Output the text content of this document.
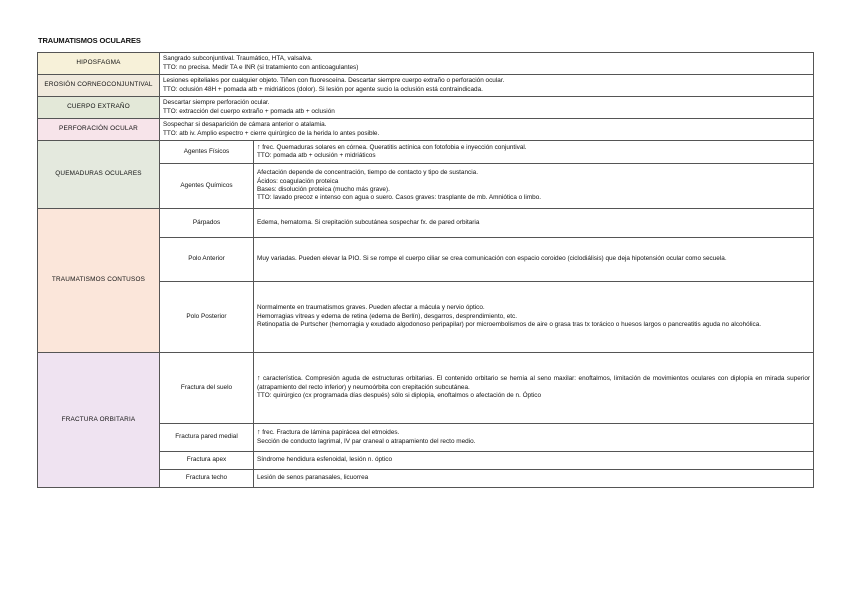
TRAUMATISMOS OCULARES
HIPOSFAGMA	Sangrado subconjuntival. Traumático, HTA, valsalva.
TTO: no precisa. Medir TA e INR (si tratamiento con anticoagulantes)	

EROSIÓN CORNEOCONJUNTIVAL	Lesiones epiteliales por cualquier objeto. Tiñen con fluoresceína. Descartar siempre cuerpo extraño o perforación ocular.
TTO: oclusión 48H + pomada atb + midriáticos (dolor). Si lesión por agente sucio la oclusión está contraindicada.	

CUERPO EXTRAÑO	Descartar siempre perforación ocular.
TTO: extracción del cuerpo extraño + pomada atb + oclusión	

PERFORACIÓN OCULAR	Sospechar si desaparición de cámara anterior o atalamia.
TTO: atb iv. Amplio espectro + cierre quirúrgico de la herida lo antes posible.	

QUEMADURAS OCULARES	Agentes Físicos	↑ frec. Quemaduras solares en córnea. Queratitis actínica con fotofobia e inyección conjuntival.
TTO: pomada atb + oclusión + midriáticos

	Agentes Químicos	Afectación depende de concentración, tiempo de contacto y tipo de sustancia.
Ácidos: coagulación proteica
Bases: disolución proteica (mucho más grave).
TTO: lavado precoz e intenso con agua o suero. Casos graves: trasplante de mb. Amniótica o limbo.

TRAUMATISMOS CONTUSOS	Párpados	Edema, hematoma. Si crepitación subcutánea sospechar fx. de pared orbitaria
	Polo Anterior	Muy variadas. Pueden elevar la PIO. Si se rompe el cuerpo ciliar se crea comunicación con espacio coroideo (ciclodiálisis) que deja hipotensión ocular como secuela.
	Polo Posterior	Normalmente en traumatismos graves. Pueden afectar a mácula y nervio óptico.
Hemorragias vítreas y edema de retina (edema de Berlín), desgarros, desprendimiento, etc.
Retinopatía de Purtscher (hemorragia y exudado algodonoso peripapilar) por microembolismos de aire o grasa tras tx torácico o huesos largos o pancreatitis aguda no alcohólica.

FRACTURA ORBITARIA	Fractura del suelo	↑ característica. Compresión aguda de estructuras orbitarias. El contenido orbitario se hernia al seno maxilar: enoftalmos, limitación de movimientos oculares con diplopía en mirada superior (atrapamiento del recto inferior) y neumoórbita con crepitación subcutánea.
TTO: quirúrgico (cx programada días después) sólo si diplopía, enoftalmos o afectación de n. Óptico

	Fractura pared medial	↑ frec. Fractura de lámina papirácea del etmoides.
Sección de conducto lagrimal, IV par craneal o atrapamiento del recto medio.

	Fractura apex	Síndrome hendidura esfenoidal, lesión n. óptico
	Fractura techo	Lesión de senos paranasales, licuorrea
